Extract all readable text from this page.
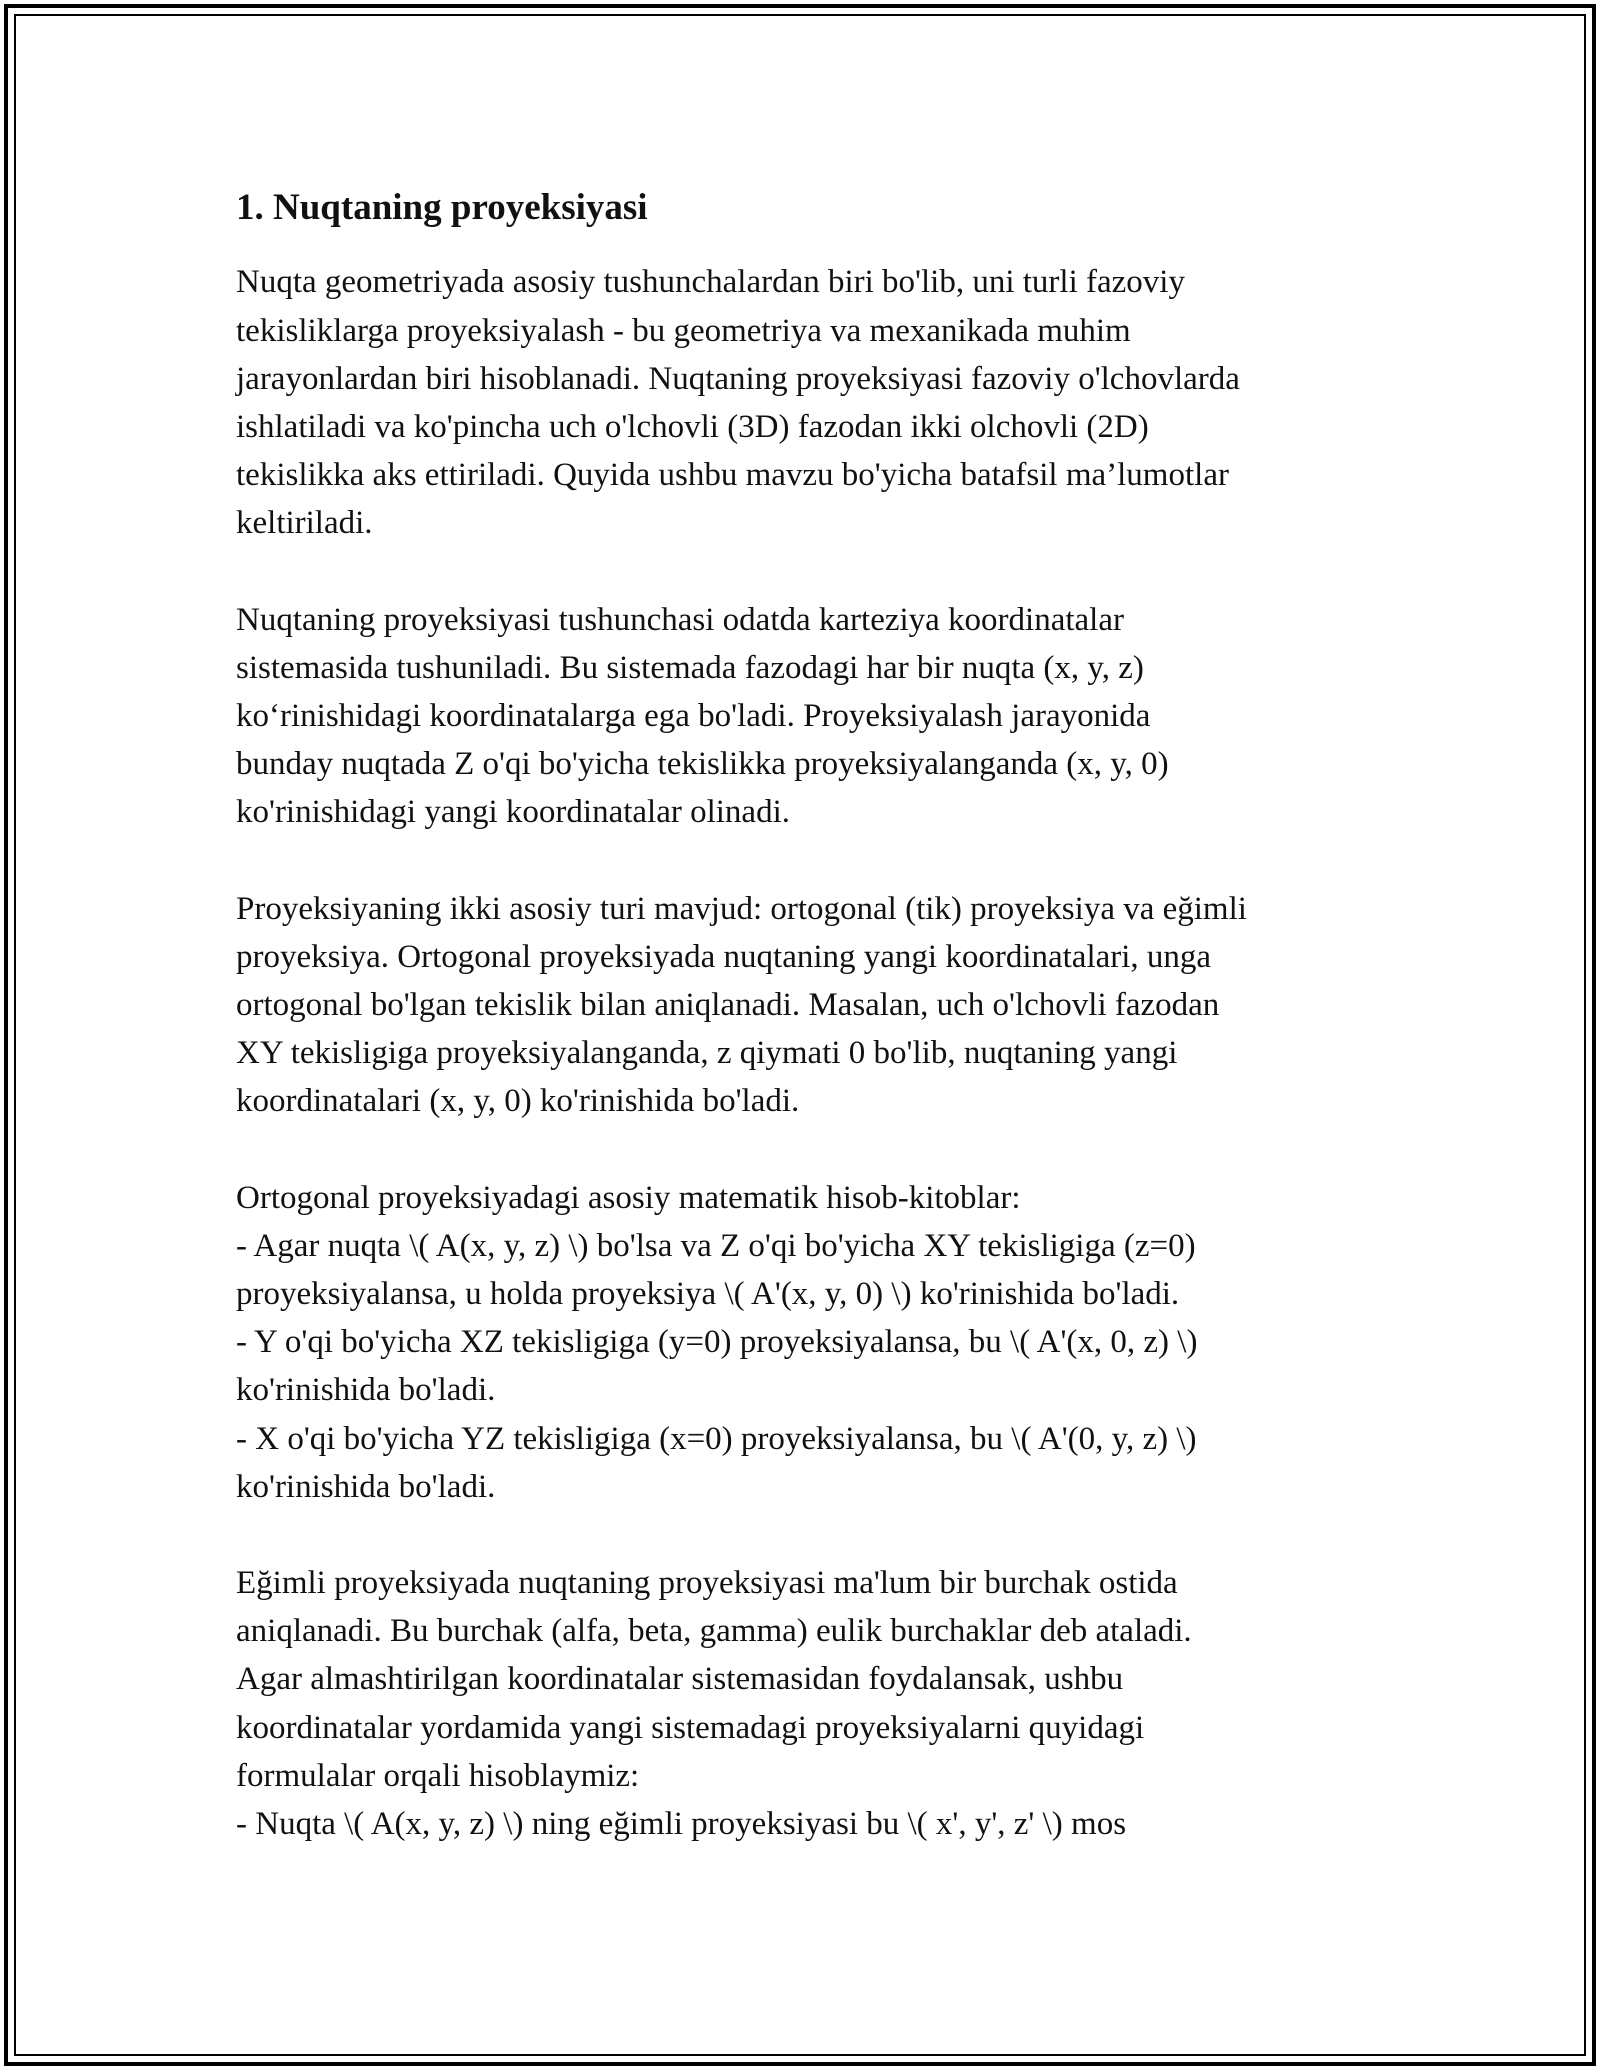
1. Nuqtaning proyeksiyasi

Nuqta geometriyada asosiy tushunchalardan biri bo'lib, uni turli fazoviy
tekisliklarga proyeksiyalash - bu geometriya va mexanikada muhim
jarayonlardan biri hisoblanadi. Nuqtaning proyeksiyasi fazoviy o'lchovlarda
ishlatiladi va ko'pincha uch o'lchovli (3D) fazodan ikki olchovli (2D)
tekislikka aks ettiriladi. Quyida ushbu mavzu bo'yicha batafsil ma’lumotlar
keltiriladi.

Nuqtaning proyeksiyasi tushunchasi odatda karteziya koordinatalar
sistemasida tushuniladi. Bu sistemada fazodagi har bir nuqta (x, y, z)
ko‘rinishidagi koordinatalarga ega bo'ladi. Proyeksiyalash jarayonida
bunday nuqtada Z o'qi bo'yicha tekislikka proyeksiyalanganda (x, y, 0)
ko'rinishidagi yangi koordinatalar olinadi.

Proyeksiyaning ikki asosiy turi mavjud: ortogonal (tik) proyeksiya va eğimli
proyeksiya. Ortogonal proyeksiyada nuqtaning yangi koordinatalari, unga
ortogonal bo'lgan tekislik bilan aniqlanadi. Masalan, uch o'lchovli fazodan
XY tekisligiga proyeksiyalanganda, z qiymati 0 bo'lib, nuqtaning yangi
koordinatalari (x, y, 0) ko'rinishida bo'ladi.

Ortogonal proyeksiyadagi asosiy matematik hisob-kitoblar:
- Agar nuqta \( A(x, y, z) \) bo'lsa va Z o'qi bo'yicha XY tekisligiga (z=0)
proyeksiyalansa, u holda proyeksiya \( A'(x, y, 0) \) ko'rinishida bo'ladi.
- Y o'qi bo'yicha XZ tekisligiga (y=0) proyeksiyalansa, bu \( A'(x, 0, z) \)
ko'rinishida bo'ladi.
- X o'qi bo'yicha YZ tekisligiga (x=0) proyeksiyalansa, bu \( A'(0, y, z) \)
ko'rinishida bo'ladi.

Eğimli proyeksiyada nuqtaning proyeksiyasi ma'lum bir burchak ostida
aniqlanadi. Bu burchak (alfa, beta, gamma) eulik burchaklar deb ataladi.
Agar almashtirilgan koordinatalar sistemasidan foydalansak, ushbu
koordinatalar yordamida yangi sistemadagi proyeksiyalarni quyidagi
formulalar orqali hisoblaymiz:
- Nuqta \( A(x, y, z) \) ning eğimli proyeksiyasi bu \( x', y', z' \) mos
